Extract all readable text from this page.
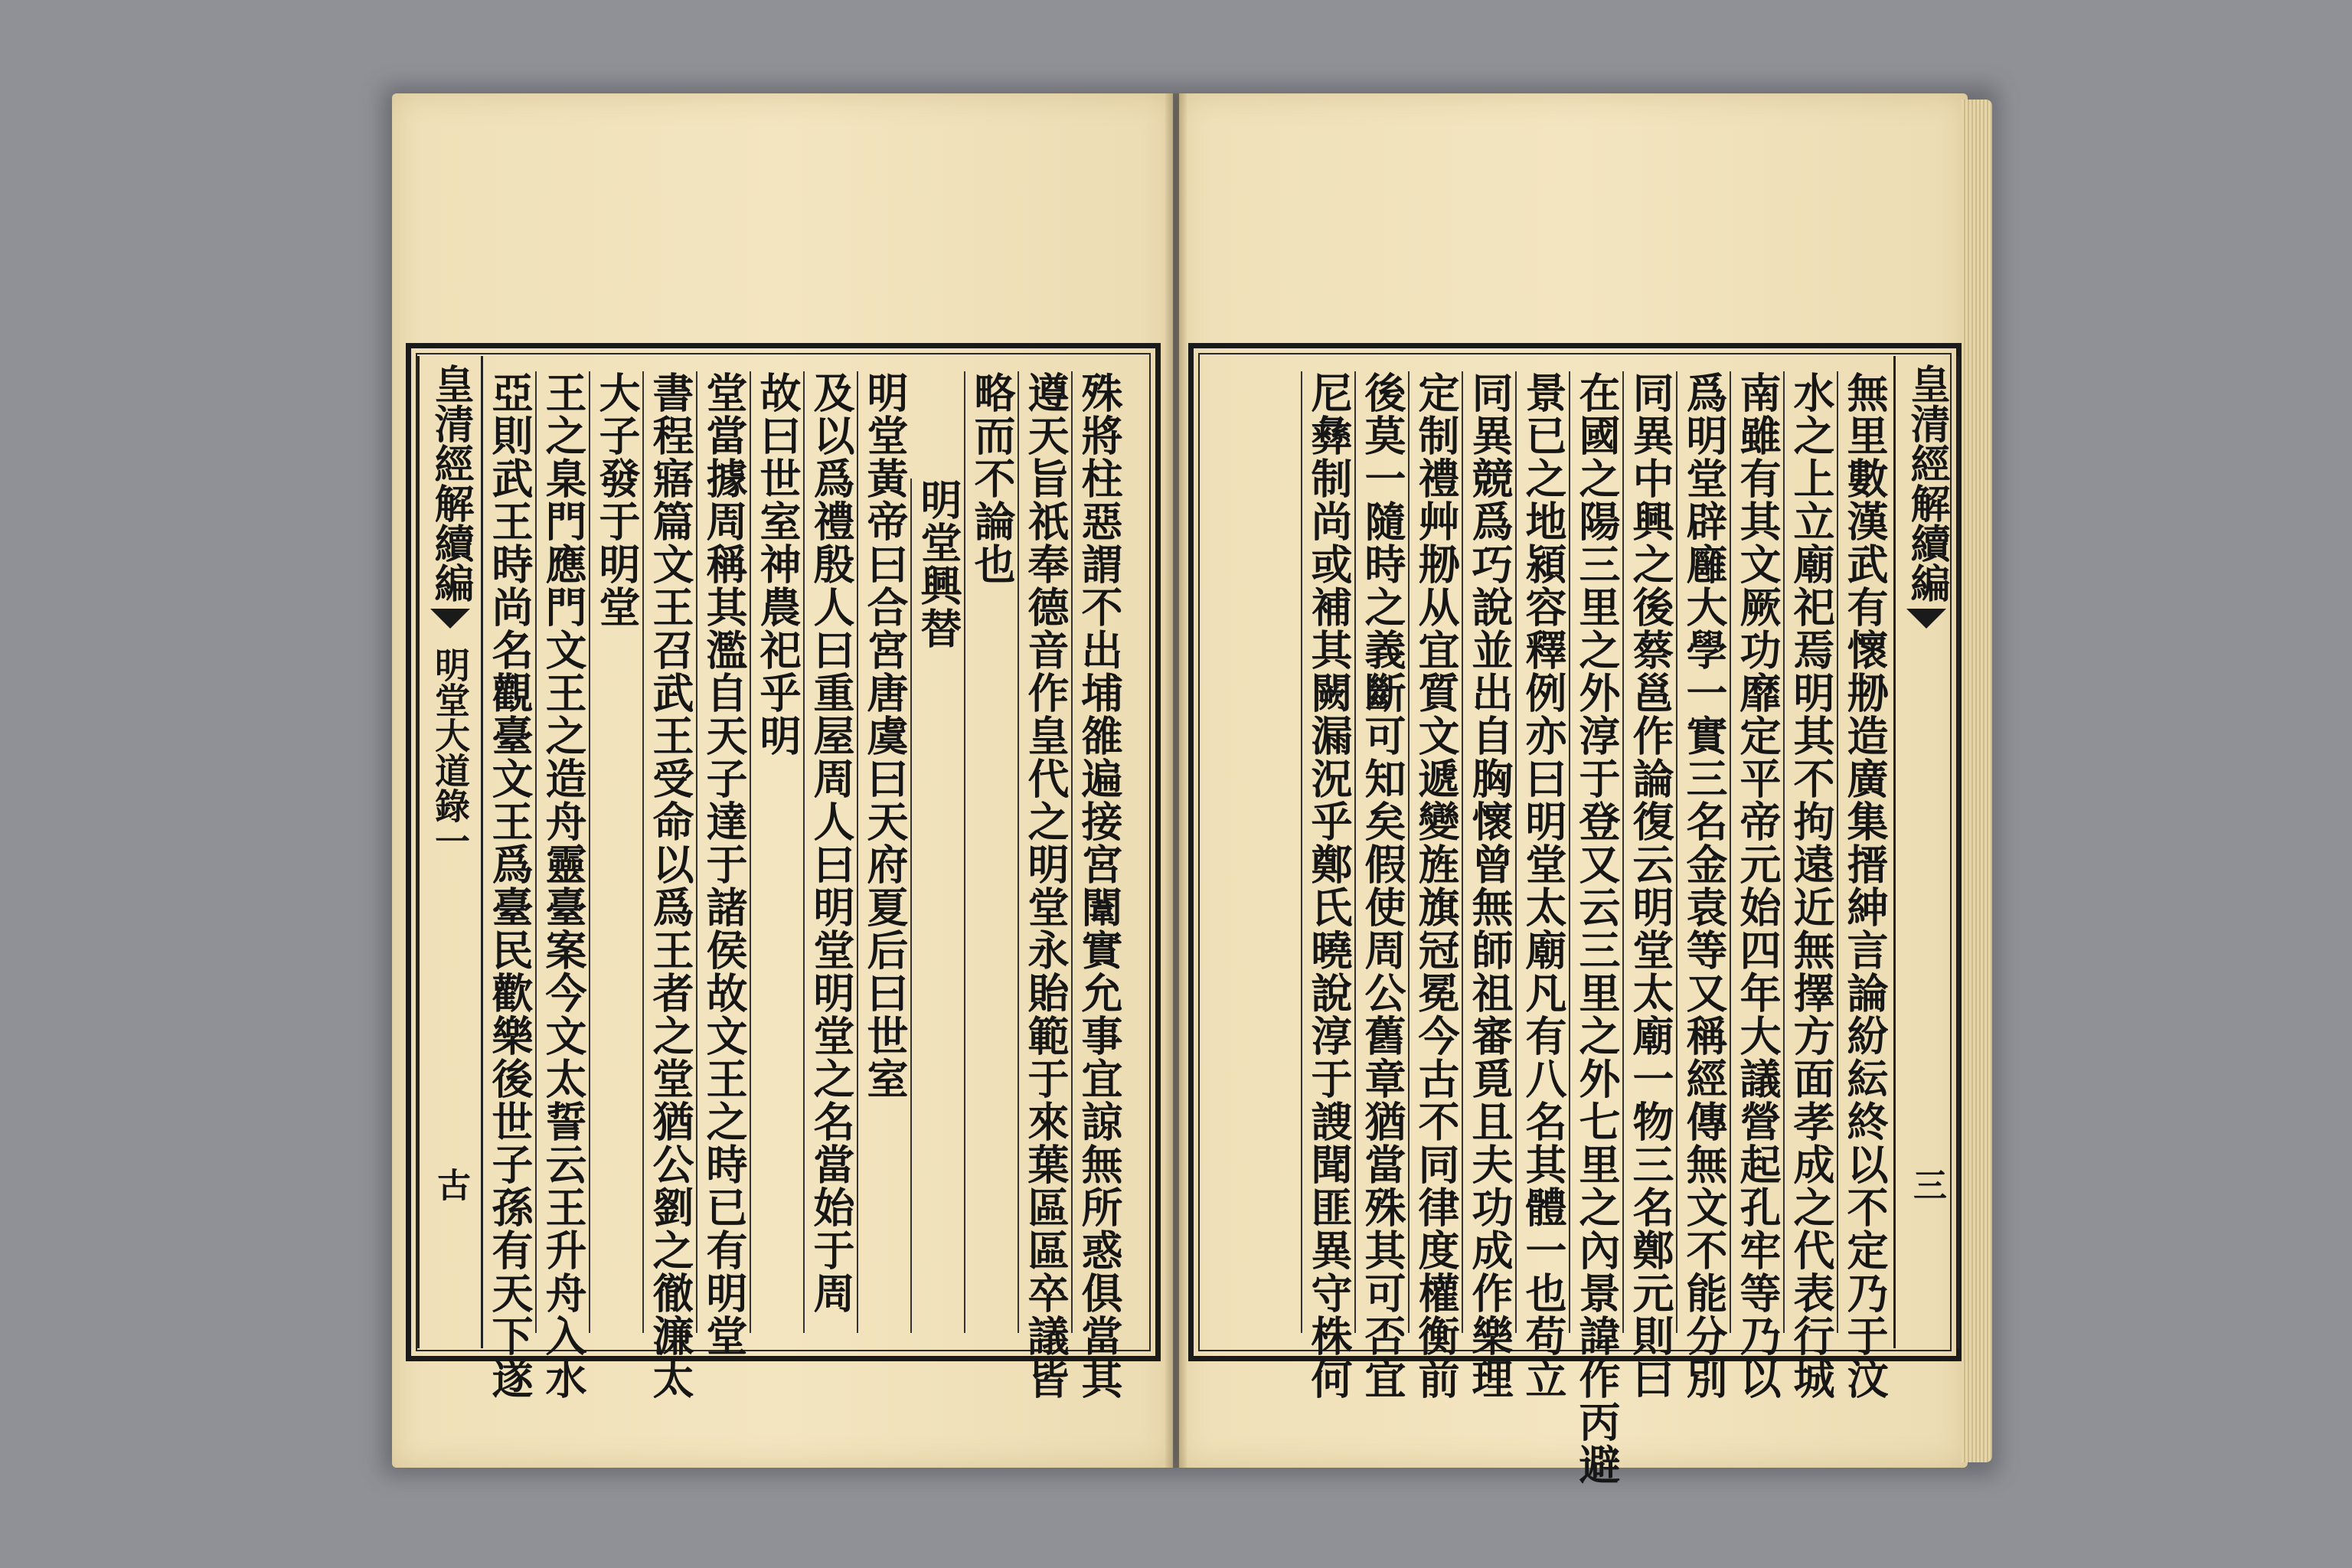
殊將柱惡謂不出埔雒遍接宮闈實允事宜諒無所惑俱當其
遵天旨祇奉德音作皇代之明堂永貽範于來葉區區卒議皆
略而不論也
明堂興替
明堂黃帝曰合宮唐虞曰天府夏后曰世室
及以爲禮殷人曰重屋周人曰明堂明堂之名當始于周
故曰世室神農祀乎明
堂當據周稱其濫自天子達于諸侯故文王之時已有明堂
書程寤篇文王召武王受命以爲王者之堂猶公劉之徹濂太
大子發于明堂
王之臬門應門文王之造舟靈臺案今文太誓云王升舟入水
亞則武王時尚名觀臺文王爲臺民歡樂後世子孫有天下遂
皇清經解續編
明堂大道錄一
古
皇清經解續編
三
無里數漢武有懷刱造廣集搢紳言論紛紜終以不定乃于汶
水之上立廟祀焉明其不拘遠近無擇方面孝成之代表行城
南雖有其文厥功靡定平帝元始四年大議營起孔牢等乃以
爲明堂辟廱大學一實三名金袁等又稱經傳無文不能分別
同異中興之後蔡邕作論復云明堂太廟一物三名鄭元則曰
在國之陽三里之外淳于登又云三里之外七里之內景諱作丙避
景已之地潁容釋例亦曰明堂太廟凡有八名其體一也苟立
同異競爲巧說並出自胸懷曾無師祖審覓且夫功成作樂理
定制禮艸刱从宜質文遞變旌旗冠冕今古不同律度權衡前
後莫一隨時之義斷可知矣假使周公舊章猶當殊其可否宜
尼彝制尚或補其闕漏況乎鄭氏曉說淳于謏聞匪異守株何
